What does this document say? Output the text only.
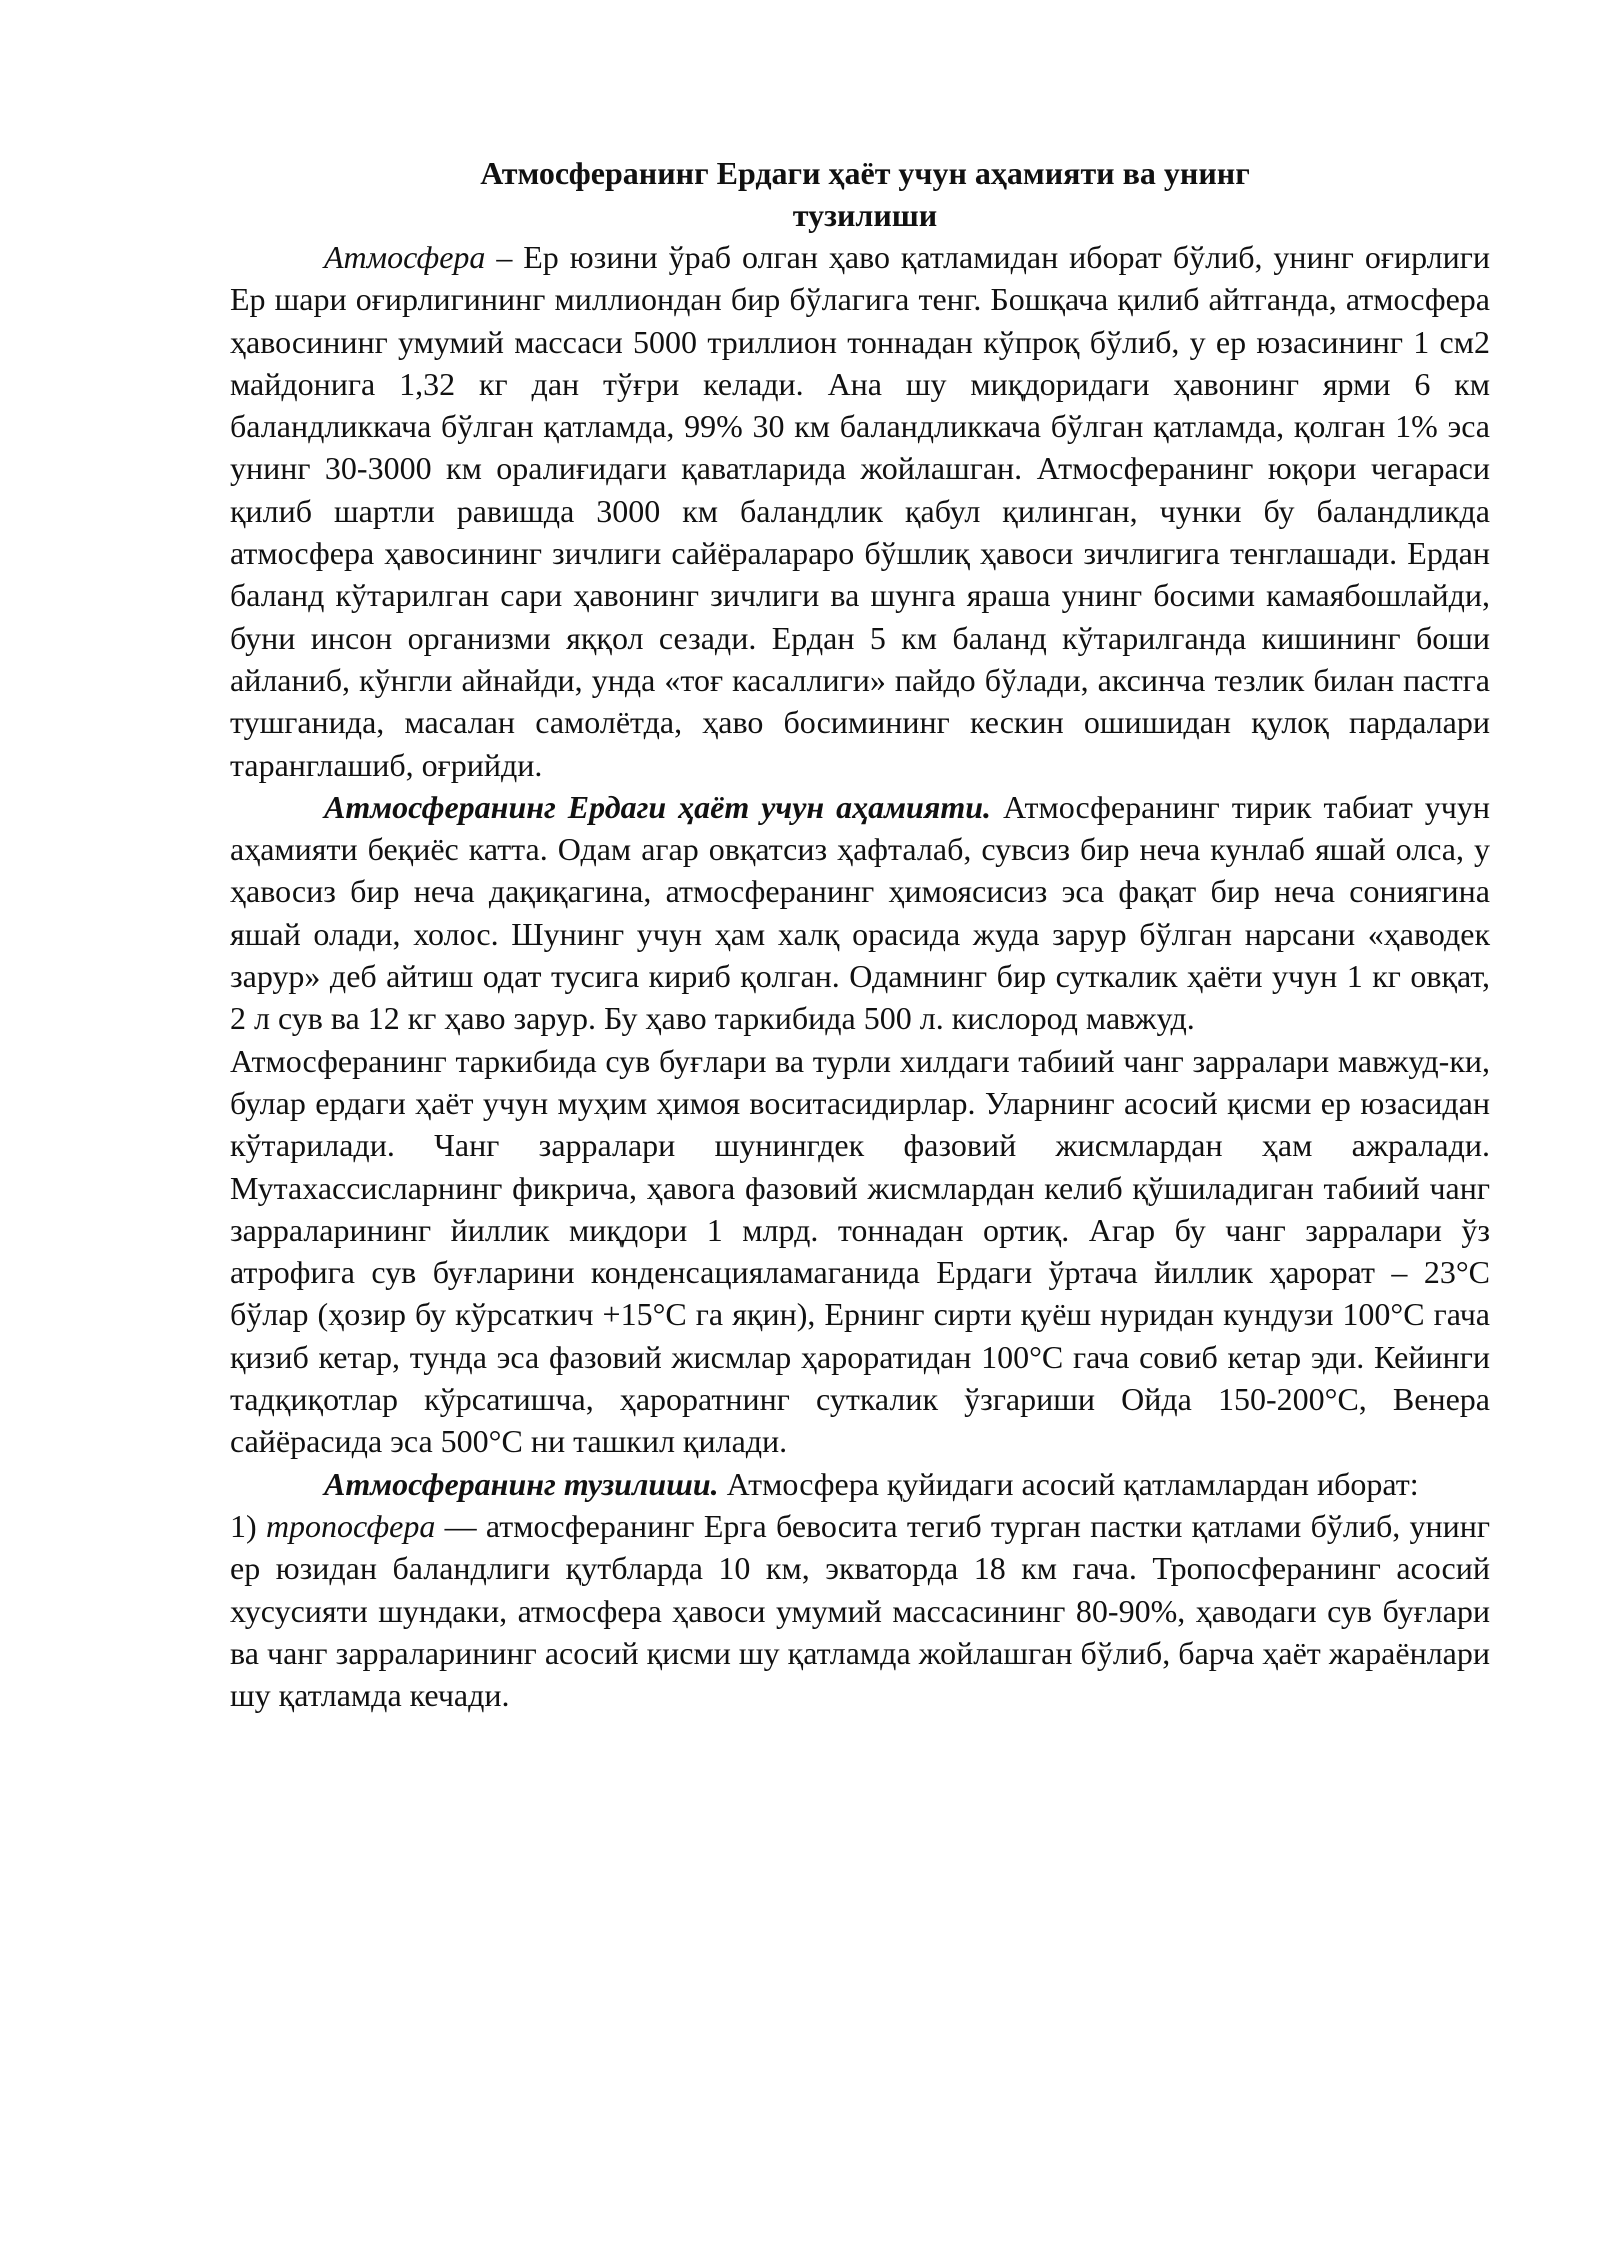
Атмосферанинг Ердаги ҳаёт учун аҳамияти ва унинг
тузилиши

Атмосфера – Ер юзини ўраб олган ҳаво қатламидан иборат бўлиб, унинг оғирлиги Ер шари оғирлигининг миллиондан бир бўлагига тенг. Бошқача қилиб айтганда, атмосфера ҳавосининг умумий массаси 5000 триллион тоннадан кўпроқ бўлиб, у ер юзасининг 1 см2 майдонига 1,32 кг дан тўғри келади. Ана шу миқдоридаги ҳавонинг ярми 6 км баландликкача бўлган қатламда, 99% 30 км баландликкача бўлган қатламда, қолган 1% эса унинг 30-3000 км оралиғидаги қаватларида жойлашган. Атмосферанинг юқори чегараси қилиб шартли равишда 3000 км баландлик қабул қилинган, чунки бу баландликда атмосфера ҳавосининг зичлиги сайёралараро бўшлиқ ҳавоси зичлигига тенглашади. Ердан баланд кўтарилган сари ҳавонинг зичлиги ва шунга яраша унинг босими камаябошлайди, буни инсон организми яққол сезади. Ердан 5 км баланд кўтарилганда кишининг боши айланиб, кўнгли айнайди, унда «тоғ касаллиги» пайдо бўлади, аксинча тезлик билан пастга тушганида, масалан самолётда, ҳаво босимининг кескин ошишидан қулоқ пардалари таранглашиб, оғрийди.

Атмосферанинг Ердаги ҳаёт учун аҳамияти. Атмосферанинг тирик табиат учун аҳамияти беқиёс катта. Одам агар овқатсиз ҳафталаб, сувсиз бир неча кунлаб яшай олса, у ҳавосиз бир неча дақиқагина, атмосферанинг ҳимоясисиз эса фақат бир неча сониягина яшай олади, холос. Шунинг учун ҳам халқ орасида жуда зарур бўлган нарсани «ҳаводек зарур» деб айтиш одат тусига кириб қолган. Одамнинг бир суткалик ҳаёти учун 1 кг овқат, 2 л сув ва 12 кг ҳаво зарур. Бу ҳаво таркибида 500 л. кислород мавжуд.

Атмосферанинг таркибида сув буғлари ва турли хилдаги табиий чанг зарралари мавжуд-ки, булар ердаги ҳаёт учун муҳим ҳимоя воситасидирлар. Уларнинг асосий қисми ер юзасидан кўтарилади. Чанг зарралари шунингдек фазовий жисмлардан ҳам ажралади. Мутахассисларнинг фикрича, ҳавога фазовий жисмлардан келиб қўшиладиган табиий чанг зарраларининг йиллик миқдори 1 млрд. тоннадан ортиқ. Агар бу чанг зарралари ўз атрофига сув буғларини конденсацияламаганида Ердаги ўртача йиллик ҳарорат – 23°С бўлар (ҳозир бу кўрсаткич +15°С га яқин), Ернинг сирти қуёш нуридан кундузи 100°С гача қизиб кетар, тунда эса фазовий жисмлар ҳароратидан 100°С гача совиб кетар эди. Кейинги тадқиқотлар кўрсатишча, ҳароратнинг суткалик ўзгариши Ойда 150-200°С, Венера сайёрасида эса 500°С ни ташкил қилади.

Атмосферанинг тузилиши. Атмосфера қуйидаги асосий қатламлардан иборат:

1) тропосфера — атмосферанинг Ерга бевосита тегиб турган пастки қатлами бўлиб, унинг ер юзидан баландлиги қутбларда 10 км, экваторда 18 км гача. Тропосферанинг асосий хусусияти шундаки, атмосфера ҳавоси умумий массасининг 80-90%, ҳаводаги сув буғлари ва чанг зарраларининг асосий қисми шу қатламда жойлашган бўлиб, барча ҳаёт жараёнлари шу қатламда кечади.
